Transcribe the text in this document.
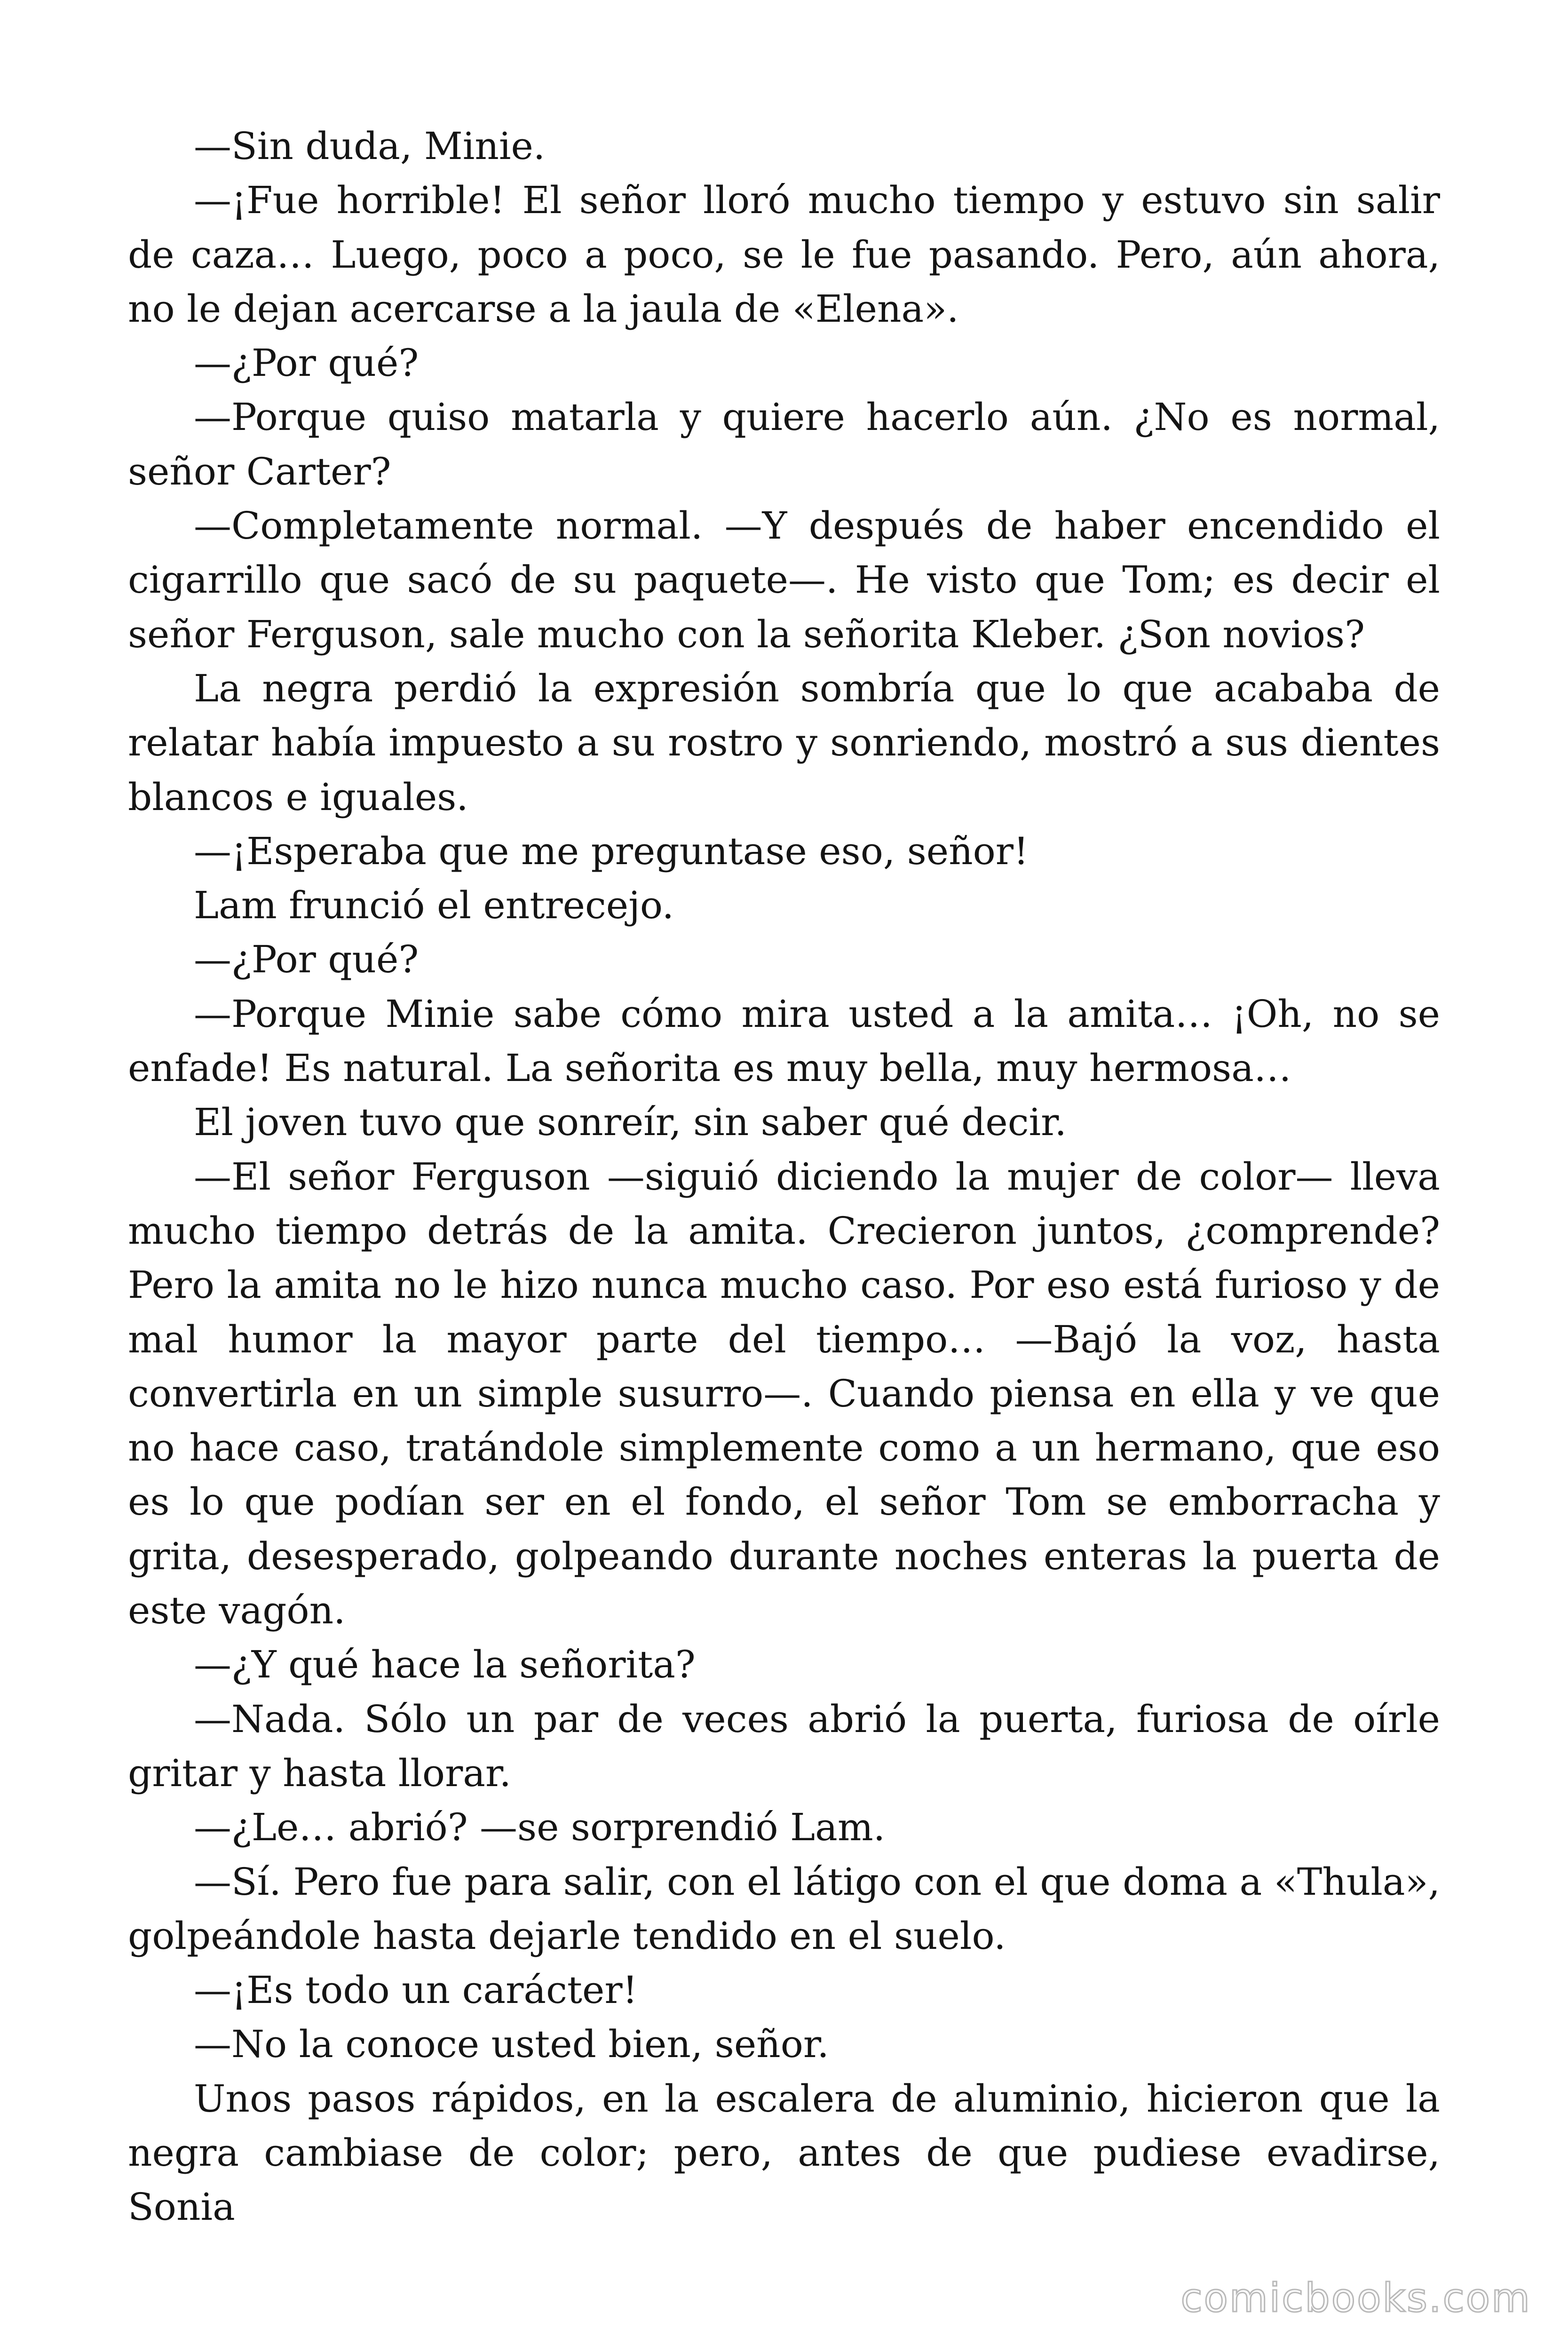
—Sin duda, Minie.

—¡Fue horrible! El señor lloró mucho tiempo y estuvo sin salir de caza… Luego, poco a poco, se le fue pasando. Pero, aún ahora, no le dejan acercarse a la jaula de «Elena».

—¿Por qué?

—Porque quiso matarla y quiere hacerlo aún. ¿No es normal, señor Carter?

—Completamente normal. —Y después de haber encendido el cigarrillo que sacó de su paquete—. He visto que Tom; es decir el señor Ferguson, sale mucho con la señorita Kleber. ¿Son novios?

La negra perdió la expresión sombría que lo que acababa de relatar había impuesto a su rostro y sonriendo, mostró a sus dientes blancos e iguales.

—¡Esperaba que me preguntase eso, señor!

Lam frunció el entrecejo.

—¿Por qué?

—Porque Minie sabe cómo mira usted a la amita… ¡Oh, no se enfade! Es natural. La señorita es muy bella, muy hermosa…

El joven tuvo que sonreír, sin saber qué decir.

—El señor Ferguson —siguió diciendo la mujer de color— lleva mucho tiempo detrás de la amita. Crecieron juntos, ¿comprende? Pero la amita no le hizo nunca mucho caso. Por eso está furioso y de mal humor la mayor parte del tiempo… —Bajó la voz, hasta convertirla en un simple susurro—. Cuando piensa en ella y ve que no hace caso, tratándole simplemente como a un hermano, que eso es lo que podían ser en el fondo, el señor Tom se emborracha y grita, desesperado, golpeando durante noches enteras la puerta de este vagón.

—¿Y qué hace la señorita?

—Nada. Sólo un par de veces abrió la puerta, furiosa de oírle gritar y hasta llorar.

—¿Le… abrió? —se sorprendió Lam.

—Sí. Pero fue para salir, con el látigo con el que doma a «Thula», golpeándole hasta dejarle tendido en el suelo.

—¡Es todo un carácter!

—No la conoce usted bien, señor.

Unos pasos rápidos, en la escalera de aluminio, hicieron que la negra cambiase de color; pero, antes de que pudiese evadirse, Sonia

comicbooks.com
